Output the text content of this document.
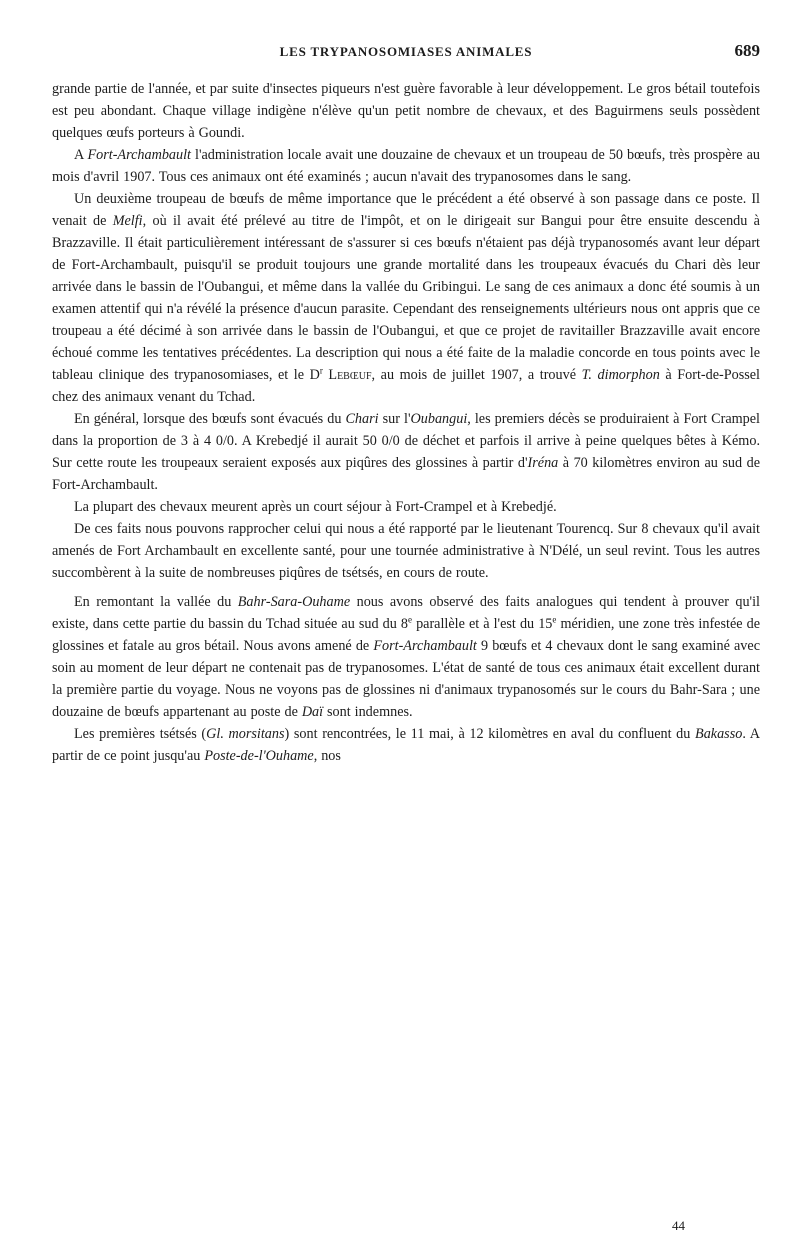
LES TRYPANOSOMIASES ANIMALES	689

grande partie de l'année, et par suite d'insectes piqueurs n'est guère favorable à leur développement. Le gros bétail toutefois est peu abondant. Chaque village indigène n'élève qu'un petit nombre de chevaux, et des Baguirmens seuls possèdent quelques œufs porteurs à Goundi.

A Fort-Archambault l'administration locale avait une douzaine de chevaux et un troupeau de 50 bœufs, très prospère au mois d'avril 1907. Tous ces animaux ont été examinés ; aucun n'avait des trypanosomes dans le sang.

Un deuxième troupeau de bœufs de même importance que le précédent a été observé à son passage dans ce poste. Il venait de Melfi, où il avait été prélevé au titre de l'impôt, et on le dirigeait sur Bangui pour être ensuite descendu à Brazzaville. Il était particulièrement intéressant de s'assurer si ces bœufs n'étaient pas déjà trypanosomés avant leur départ de Fort-Archambault, puisqu'il se produit toujours une grande mortalité dans les troupeaux évacués du Chari dès leur arrivée dans le bassin de l'Oubangui, et même dans la vallée du Gribingui. Le sang de ces animaux a donc été soumis à un examen attentif qui n'a révélé la présence d'aucun parasite. Cependant des renseignements ultérieurs nous ont appris que ce troupeau a été décimé à son arrivée dans le bassin de l'Oubangui, et que ce projet de ravitailler Brazzaville avait encore échoué comme les tentatives précédentes. La description qui nous a été faite de la maladie concorde en tous points avec le tableau clinique des trypanosomiases, et le $D^r$ Lebœuf, au mois de juillet 1907, a trouvé T. dimorphon à Fort-de-Possel chez des animaux venant du Tchad.

En général, lorsque des bœufs sont évacués du Chari sur l'Oubangui, les premiers décès se produiraient à Fort Crampel dans la proportion de 3 à 4 0/0. A Krebedjé il aurait 50 0/0 de déchet et parfois il arrive à peine quelques bêtes à Kémo. Sur cette route les troupeaux seraient exposés aux piqûres des glossines à partir d'Iréna à 70 kilomètres environ au sud de Fort-Archambault.

La plupart des chevaux meurent après un court séjour à Fort-Crampel et à Krebedjé.

De ces faits nous pouvons rapprocher celui qui nous a été rapporté par le lieutenant Tourencq. Sur 8 chevaux qu'il avait amenés de Fort Archambault en excellente santé, pour une tournée administrative à N'Délé, un seul revint. Tous les autres succombèrent à la suite de nombreuses piqûres de tsétsés, en cours de route.

En remontant la vallée du Bahr-Sara-Ouhame nous avons observé des faits analogues qui tendent à prouver qu'il existe, dans cette partie du bassin du Tchad située au sud du 8e parallèle et à l'est du 15e méridien, une zone très infestée de glossines et fatale au gros bétail. Nous avons amené de Fort-Archambault 9 bœufs et 4 chevaux dont le sang examiné avec soin au moment de leur départ ne contenait pas de trypanosomes. L'état de santé de tous ces animaux était excellent durant la première partie du voyage. Nous ne voyons pas de glossines ni d'animaux trypanosomés sur le cours du Bahr-Sara ; une douzaine de bœufs appartenant au poste de Daï sont indemnes.

Les premières tsétsés (Gl. morsitans) sont rencontrées, le 11 mai, à 12 kilomètres en aval du confluent du Bakasso. A partir de ce point jusqu'au Poste-de-l'Ouhame, nos

44
